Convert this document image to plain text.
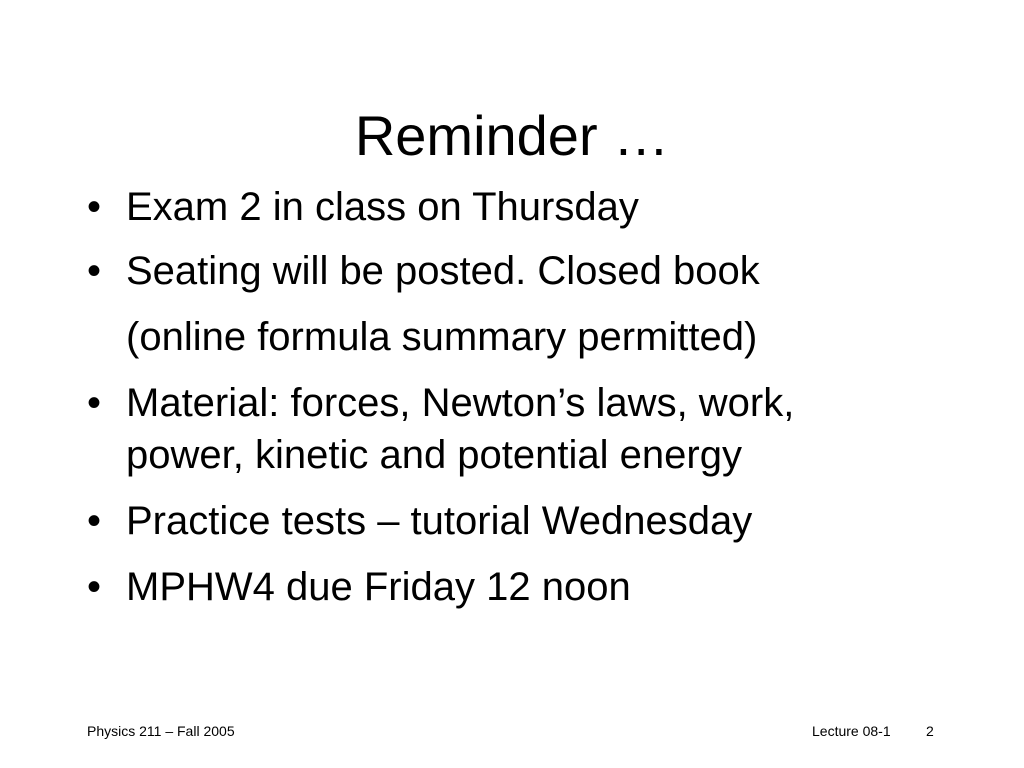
Reminder …
• Exam 2 in class on Thursday
• Seating will be posted. Closed book
(online formula summary permitted)
• Material: forces, Newton’s laws, work,
power, kinetic and potential energy
• Practice tests – tutorial Wednesday
• MPHW4 due Friday 12 noon
Physics 211 – Fall 2005	Lecture 08-1	2
